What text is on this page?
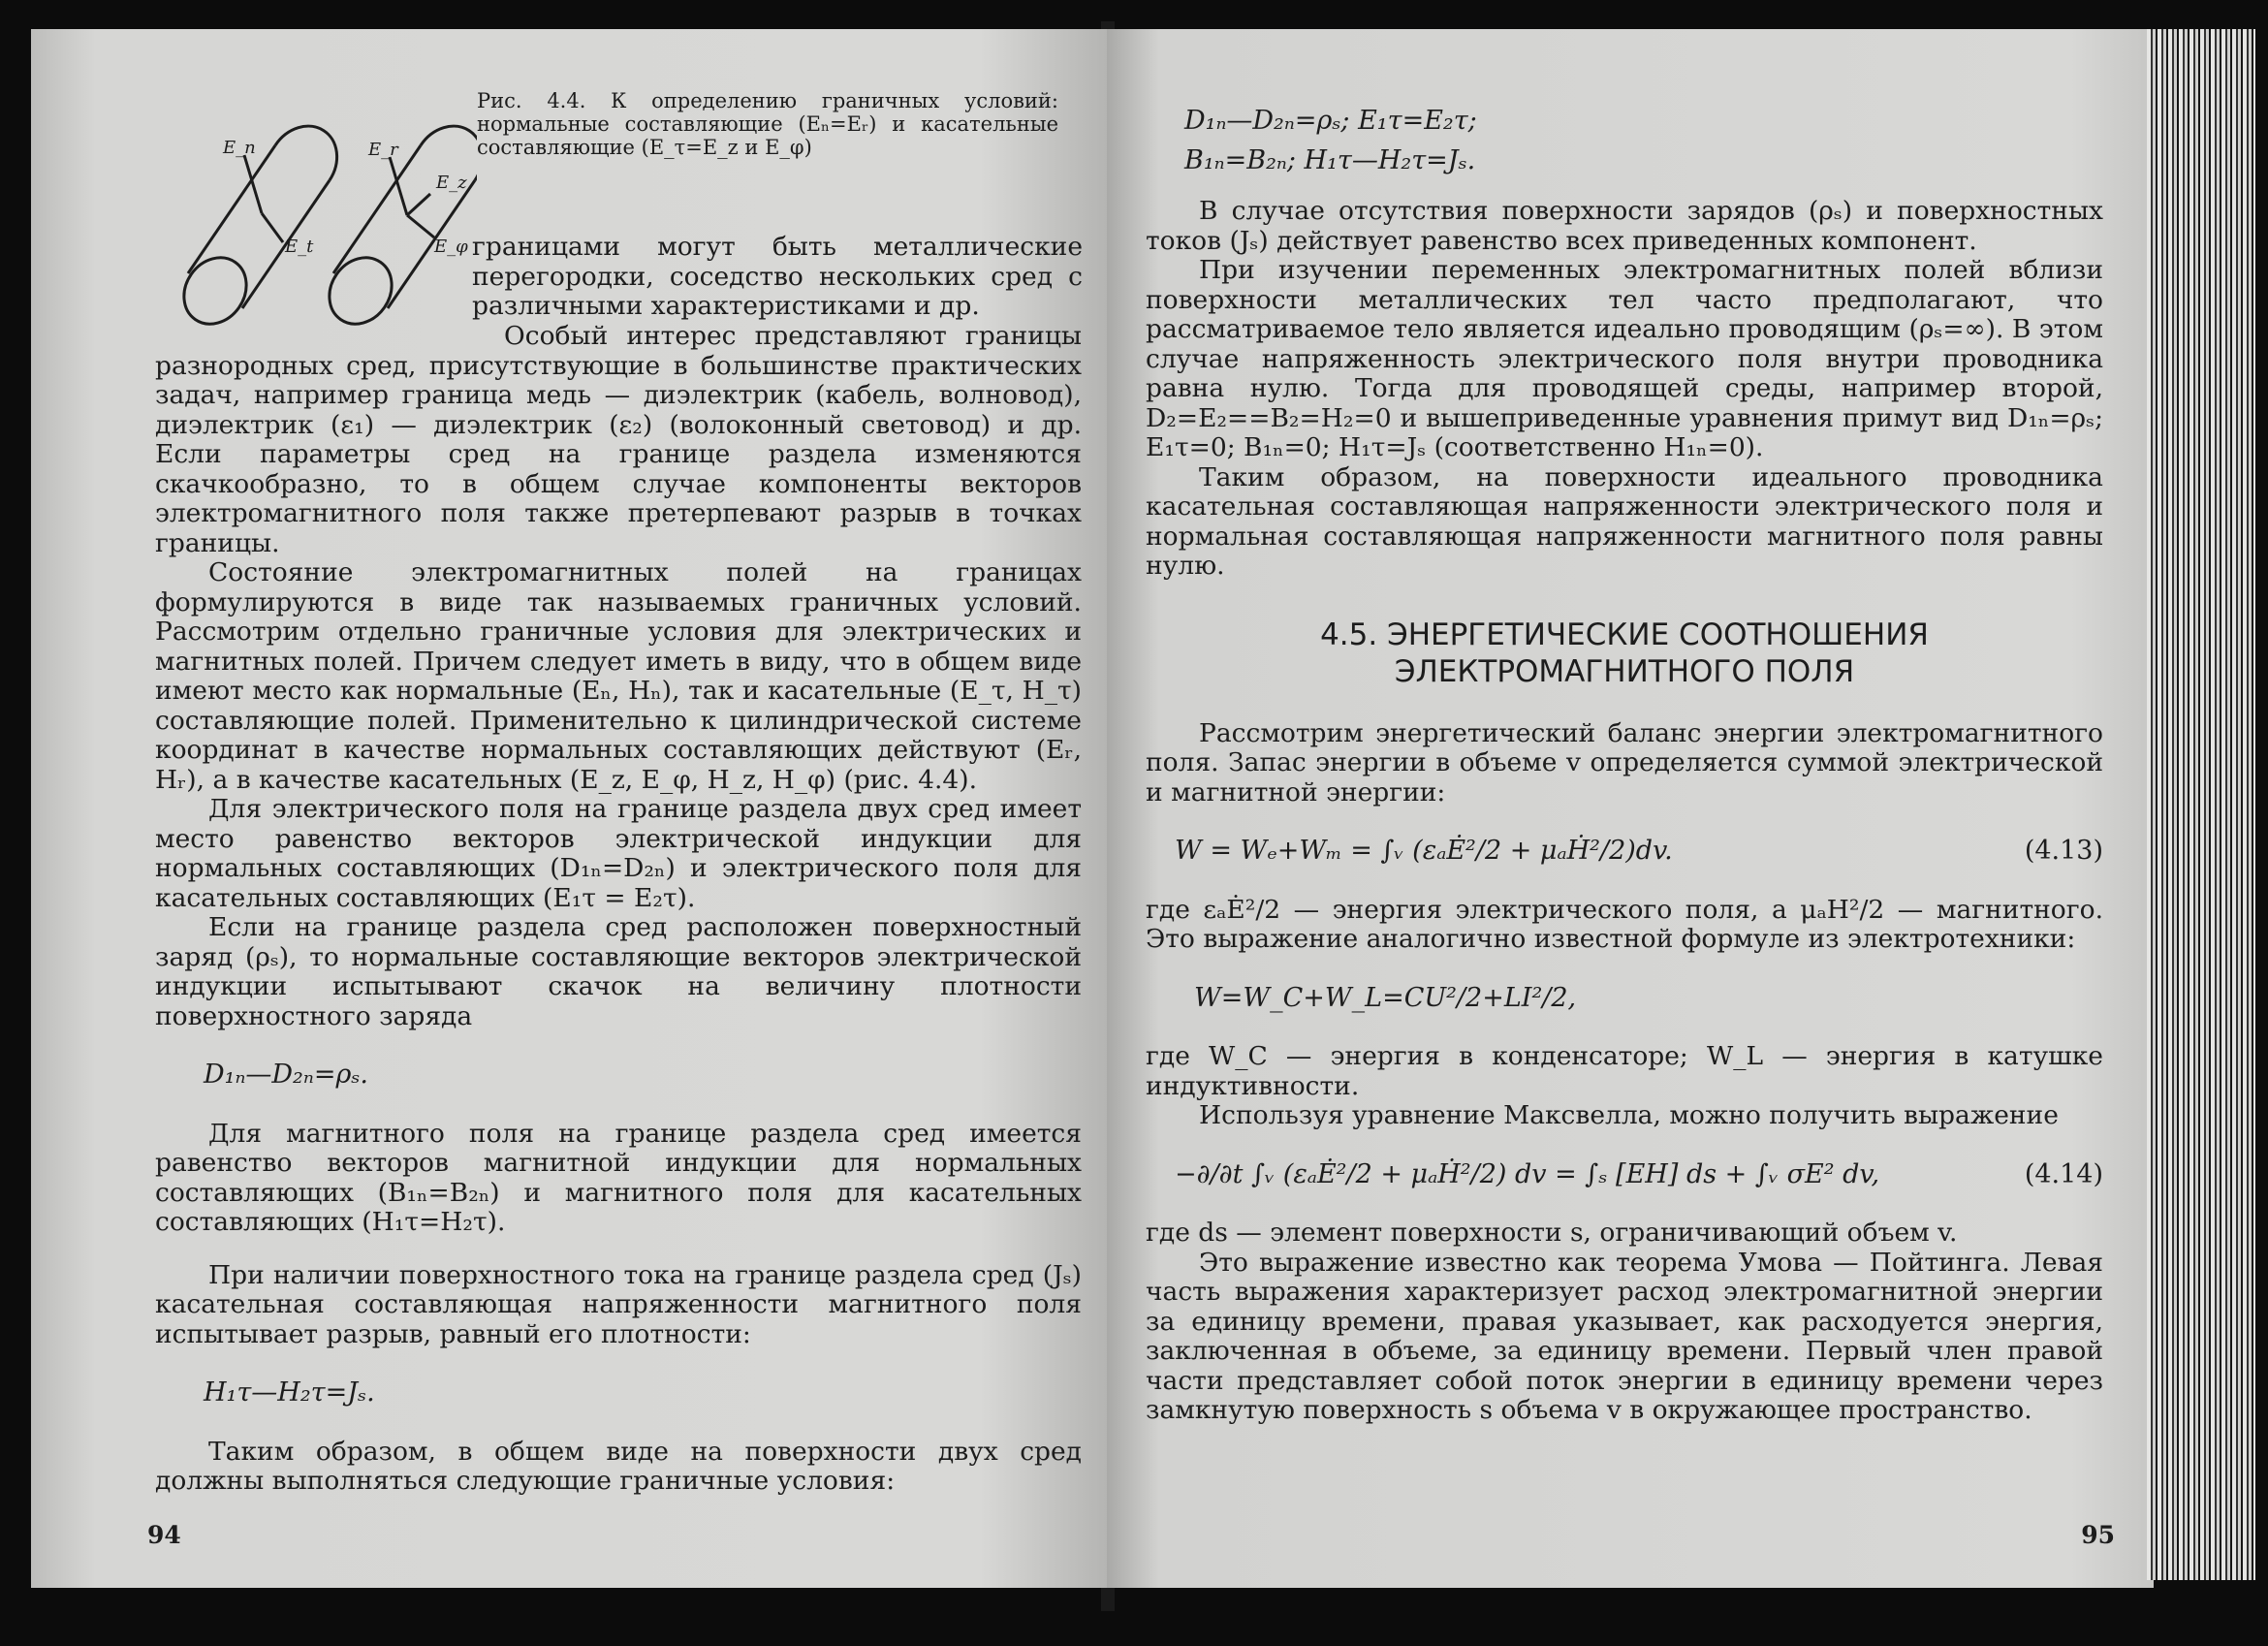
E_n
E_t
E_r
E_z
E_φ
Рис. 4.4. К определению граничных условий: нормальные составляющие (Eₙ=Eᵣ) и касательные составляющие (E_τ=E_z и E_φ)

границами могут быть металлические перегородки, соседство нескольких сред с различными характеристиками и др.

Особый интерес представляют границы разнородных сред, присутствующие в большинстве практических задач, например граница медь — диэлектрик (кабель, волновод), диэлектрик (ε₁) — диэлектрик (ε₂) (волоконный световод) и др. Если параметры сред на границе раздела изменяются скачкообразно, то в общем случае компоненты векторов электромагнитного поля также претерпевают разрыв в точках границы.

Состояние электромагнитных полей на границах формулируются в виде так называемых граничных условий. Рассмотрим отдельно граничные условия для электрических и магнитных полей. Причем следует иметь в виду, что в общем виде имеют место как нормальные (Eₙ, Hₙ), так и касательные (E_τ, H_τ) составляющие полей. Применительно к цилиндрической системе координат в качестве нормальных составляющих действуют (Eᵣ, Hᵣ), а в качестве касательных (E_z, E_φ, H_z, H_φ) (рис. 4.4).

Для электрического поля на границе раздела двух сред имеет место равенство векторов электрической индукции для нормальных составляющих (D₁ₙ=D₂ₙ) и электрического поля для касательных составляющих (E₁τ = E₂τ).

Если на границе раздела сред расположен поверхностный заряд (ρₛ), то нормальные составляющие векторов электрической индукции испытывают скачок на величину плотности поверхностного заряда

D₁ₙ—D₂ₙ=ρₛ.

Для магнитного поля на границе раздела сред имеется равенство векторов магнитной индукции для нормальных составляющих (B₁ₙ=B₂ₙ) и магнитного поля для касательных составляющих (H₁τ=H₂τ).

При наличии поверхностного тока на границе раздела сред (Jₛ) касательная составляющая напряженности магнитного поля испытывает разрыв, равный его плотности:

H₁τ—H₂τ=Jₛ.

Таким образом, в общем виде на поверхности двух сред должны выполняться следующие граничные условия:

94
D₁ₙ—D₂ₙ=ρₛ; E₁τ=E₂τ;
B₁ₙ=B₂ₙ; H₁τ—H₂τ=Jₛ.

В случае отсутствия поверхности зарядов (ρₛ) и поверхностных токов (Jₛ) действует равенство всех приведенных компонент.

При изучении переменных электромагнитных полей вблизи поверхности металлических тел часто предполагают, что рассматриваемое тело является идеально проводящим (ρₛ=∞). В этом случае напряженность электрического поля внутри проводника равна нулю. Тогда для проводящей среды, например второй, D₂=E₂==B₂=H₂=0 и вышеприведенные уравнения примут вид D₁ₙ=ρₛ; E₁τ=0; B₁ₙ=0; H₁τ=Jₛ (соответственно H₁ₙ=0).

Таким образом, на поверхности идеального проводника касательная составляющая напряженности электрического поля и нормальная составляющая напряженности магнитного поля равны нулю.

4.5. ЭНЕРГЕТИЧЕСКИЕ СООТНОШЕНИЯ
ЭЛЕКТРОМАГНИТНОГО ПОЛЯ

Рассмотрим энергетический баланс энергии электромагнитного поля. Запас энергии в объеме v определяется суммой электрической и магнитной энергии:

W = Wₑ+Wₘ = ∫ᵥ (εₐĖ²/2 + μₐḢ²/2)dv.	(4.13)

где εₐĖ²/2 — энергия электрического поля, а μₐH²/2 — магнитного. Это выражение аналогично известной формуле из электротехники:

W=W_C+W_L=CU²/2+LI²/2,

где W_C — энергия в конденсаторе; W_L — энергия в катушке индуктивности.

Используя уравнение Максвелла, можно получить выражение

−∂/∂t ∫ᵥ (εₐĖ²/2 + μₐḢ²/2) dv = ∫ₛ [EH] ds + ∫ᵥ σE² dv,	(4.14)

где ds — элемент поверхности s, ограничивающий объем v.

Это выражение известно как теорема Умова — Пойтинга. Левая часть выражения характеризует расход электромагнитной энергии за единицу времени, правая указывает, как расходуется энергия, заключенная в объеме, за единицу времени. Первый член правой части представляет собой поток энергии в единицу времени через замкнутую поверхность s объема v в окружающее пространство.

95
